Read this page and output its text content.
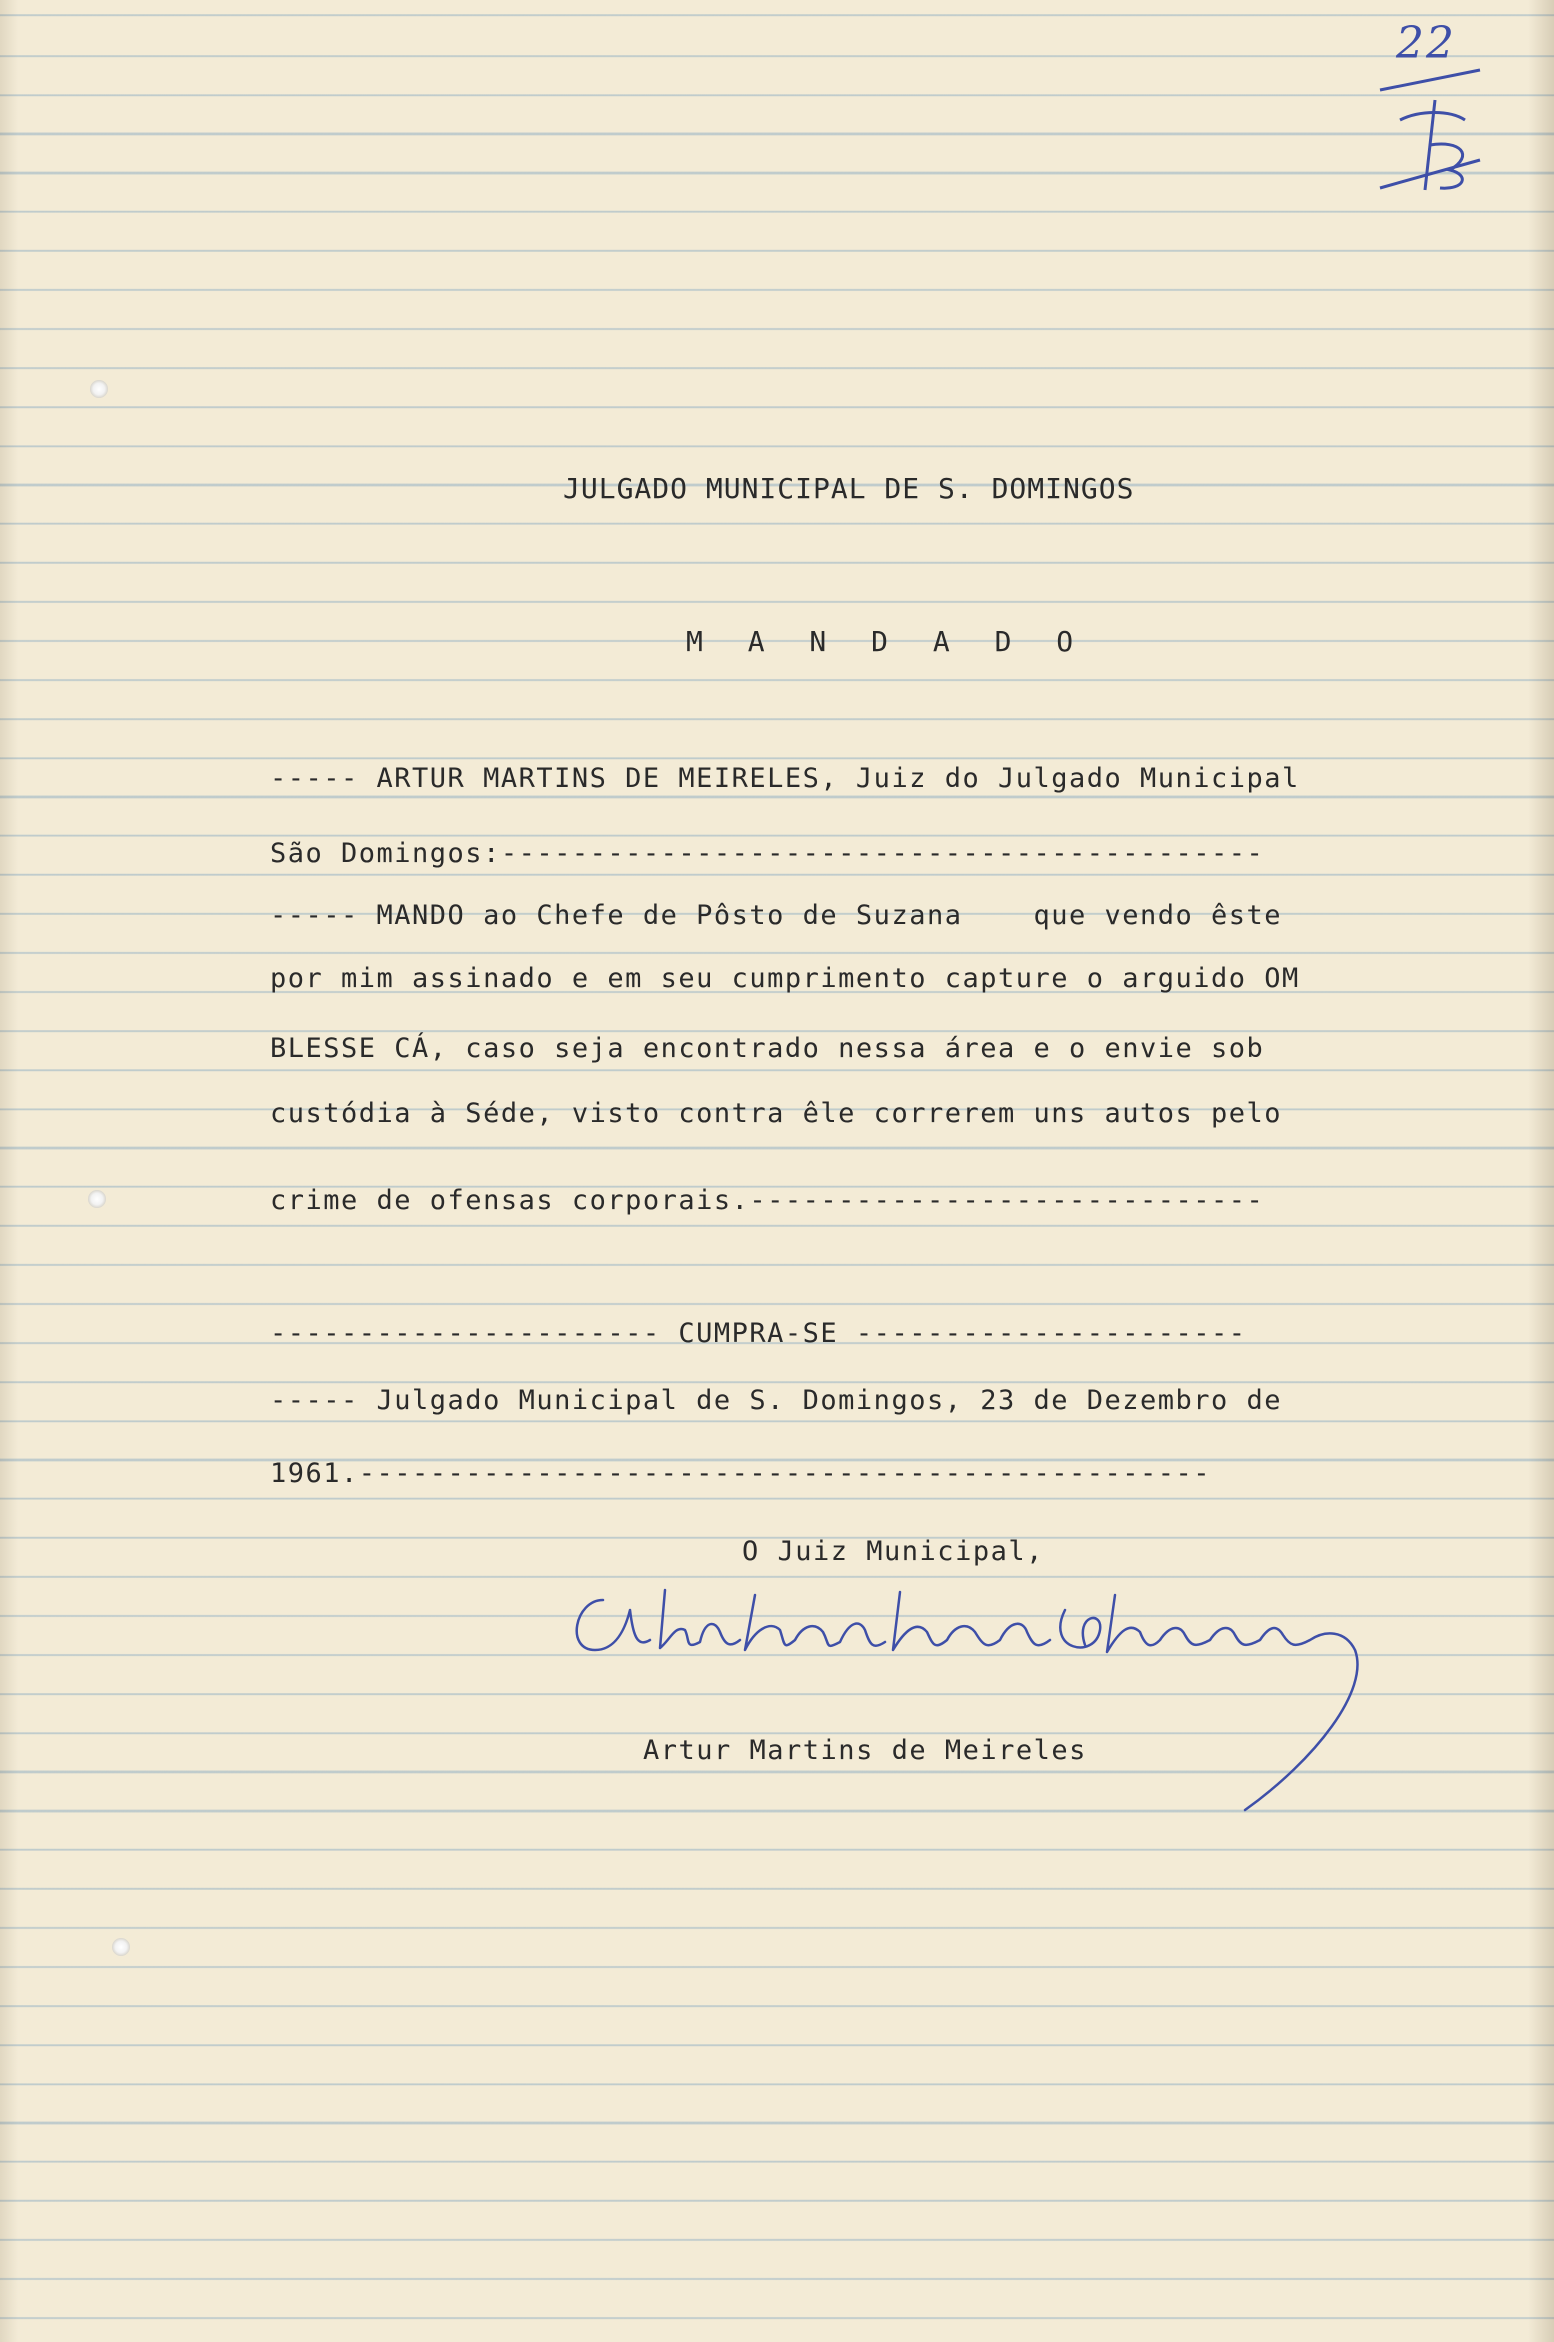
22

JULGADO MUNICIPAL DE S. DOMINGOS

M A N D A D O

----- ARTUR MARTINS DE MEIRELES, Juiz do Julgado Municipal

São Domingos:-------------------------------------------

----- MANDO ao Chefe de Pôsto de Suzana    que vendo êste

por mim assinado e em seu cumprimento capture o arguido OM

BLESSE CÁ, caso seja encontrado nessa área e o envie sob

custódia à Séde, visto contra êle correrem uns autos pelo

crime de ofensas corporais.-----------------------------

---------------------- CUMPRA-SE ----------------------

----- Julgado Municipal de S. Domingos, 23 de Dezembro de

1961.------------------------------------------------

O Juiz Municipal,

Artur Martins de Meireles
